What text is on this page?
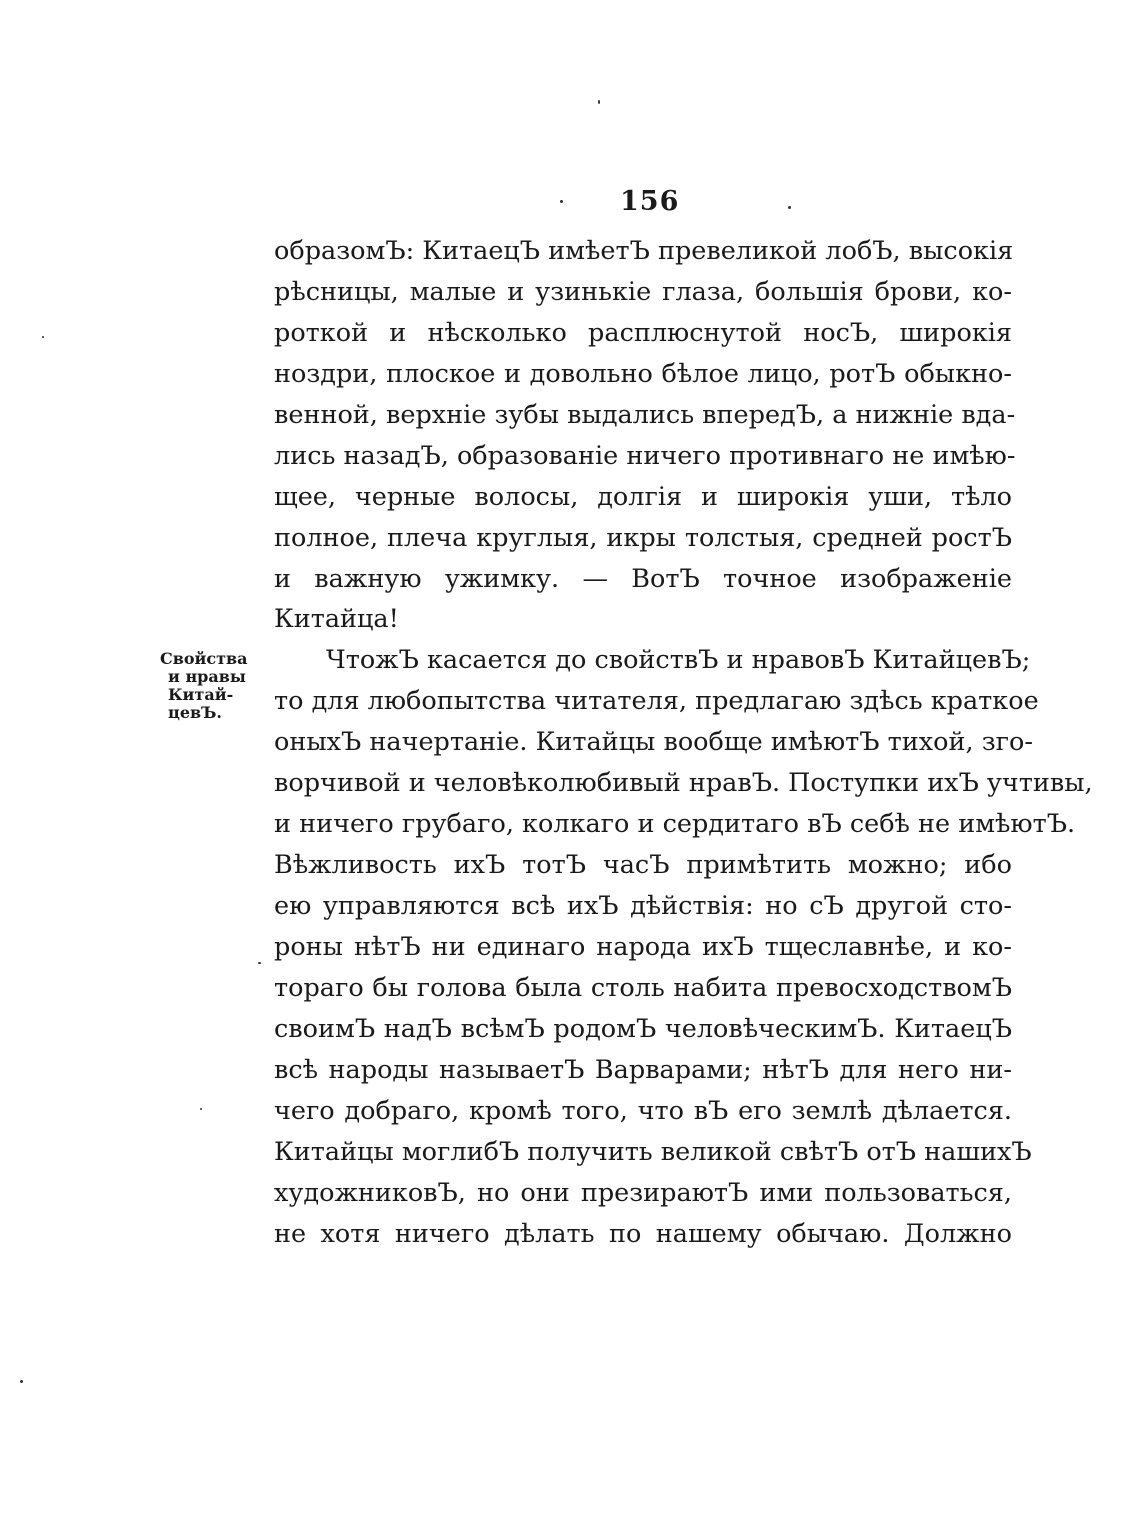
156
Свойства
и нравы
Китай-
цевЪ.
образомЪ: КитаецЪ имѣетЪ превеликой лобЪ, высокія
рѣсницы, малые и узинькіе глаза, большія брови, ко-
роткой и нѣсколько расплюснутой носЪ, широкія
ноздри, плоское и довольно бѣлое лицо, ротЪ обыкно-
венной, верхніе зубы выдались впередЪ, а нижніе вда-
лись назадЪ, образованіе ничего противнаго не имѣю-
щее, черные волосы, долгія и широкія уши, тѣло
полное, плеча круглыя, икры толстыя, средней ростЪ
и важную ужимку. — ВотЪ точное изображеніе
Китайца!
ЧтожЪ касается до свойствЪ и нравовЪ КитайцевЪ;
то для любопытства читателя, предлагаю здѣсь краткое
оныхЪ начертаніе. Китайцы вообще имѣютЪ тихой, зго-
ворчивой и человѣколюбивый нравЪ. Поступки ихЪ учтивы,
и ничего грубаго, колкаго и сердитаго вЪ себѣ не имѣютЪ.
Вѣжливость ихЪ тотЪ часЪ примѣтить можно; ибо
ею управляются всѣ ихЪ дѣйствія: но сЪ другой сто-
роны нѣтЪ ни единаго народа ихЪ тщеславнѣе, и ко-
тораго бы голова была столь набита превосходствомЪ
своимЪ надЪ всѣмЪ родомЪ человѣческимЪ. КитаецЪ
всѣ народы называетЪ Варварами; нѣтЪ для него ни-
чего добраго, кромѣ того, что вЪ его землѣ дѣлается.
Китайцы моглибЪ получить великой свѣтЪ отЪ нашихЪ
художниковЪ, но они презираютЪ ими пользоваться,
не хотя ничего дѣлать по нашему обычаю. Должно
